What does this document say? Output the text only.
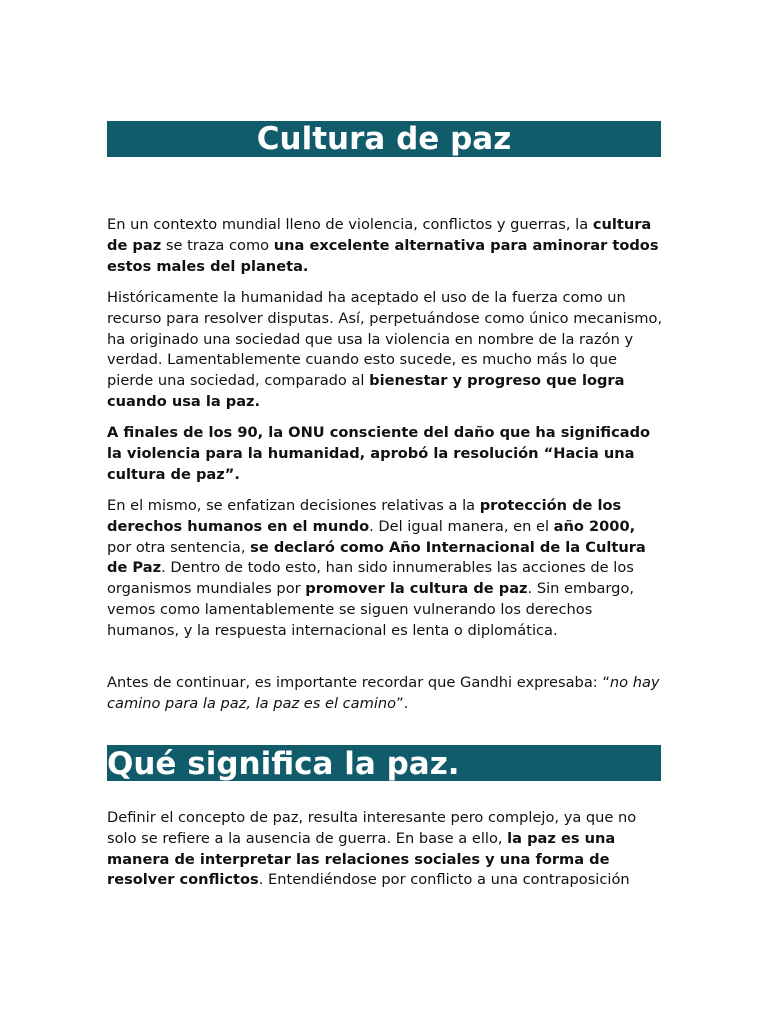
Cultura de paz

En un contexto mundial lleno de violencia, conflictos y guerras, la cultura de paz se traza como una excelente alternativa para aminorar todos estos males del planeta.

Históricamente la humanidad ha aceptado el uso de la fuerza como un recurso para resolver disputas. Así, perpetuándose como único mecanismo, ha originado una sociedad que usa la violencia en nombre de la razón y verdad. Lamentablemente cuando esto sucede, es mucho más lo que pierde una sociedad, comparado al bienestar y progreso que logra cuando usa la paz.

A finales de los 90, la ONU consciente del daño que ha significado la violencia para la humanidad, aprobó la resolución “Hacia una cultura de paz”.

En el mismo, se enfatizan decisiones relativas a la protección de los derechos humanos en el mundo. Del igual manera, en el año 2000, por otra sentencia, se declaró como Año Internacional de la Cultura de Paz. Dentro de todo esto, han sido innumerables las acciones de los organismos mundiales por promover la cultura de paz. Sin embargo, vemos como lamentablemente se siguen vulnerando los derechos humanos, y la respuesta internacional es lenta o diplomática.

Antes de continuar, es importante recordar que Gandhi expresaba: “no hay camino para la paz, la paz es el camino”.

Qué significa la paz.

Definir el concepto de paz, resulta interesante pero complejo, ya que no solo se refiere a la ausencia de guerra. En base a ello, la paz es una manera de interpretar las relaciones sociales y una forma de resolver conflictos. Entendiéndose por conflicto a una contraposición
